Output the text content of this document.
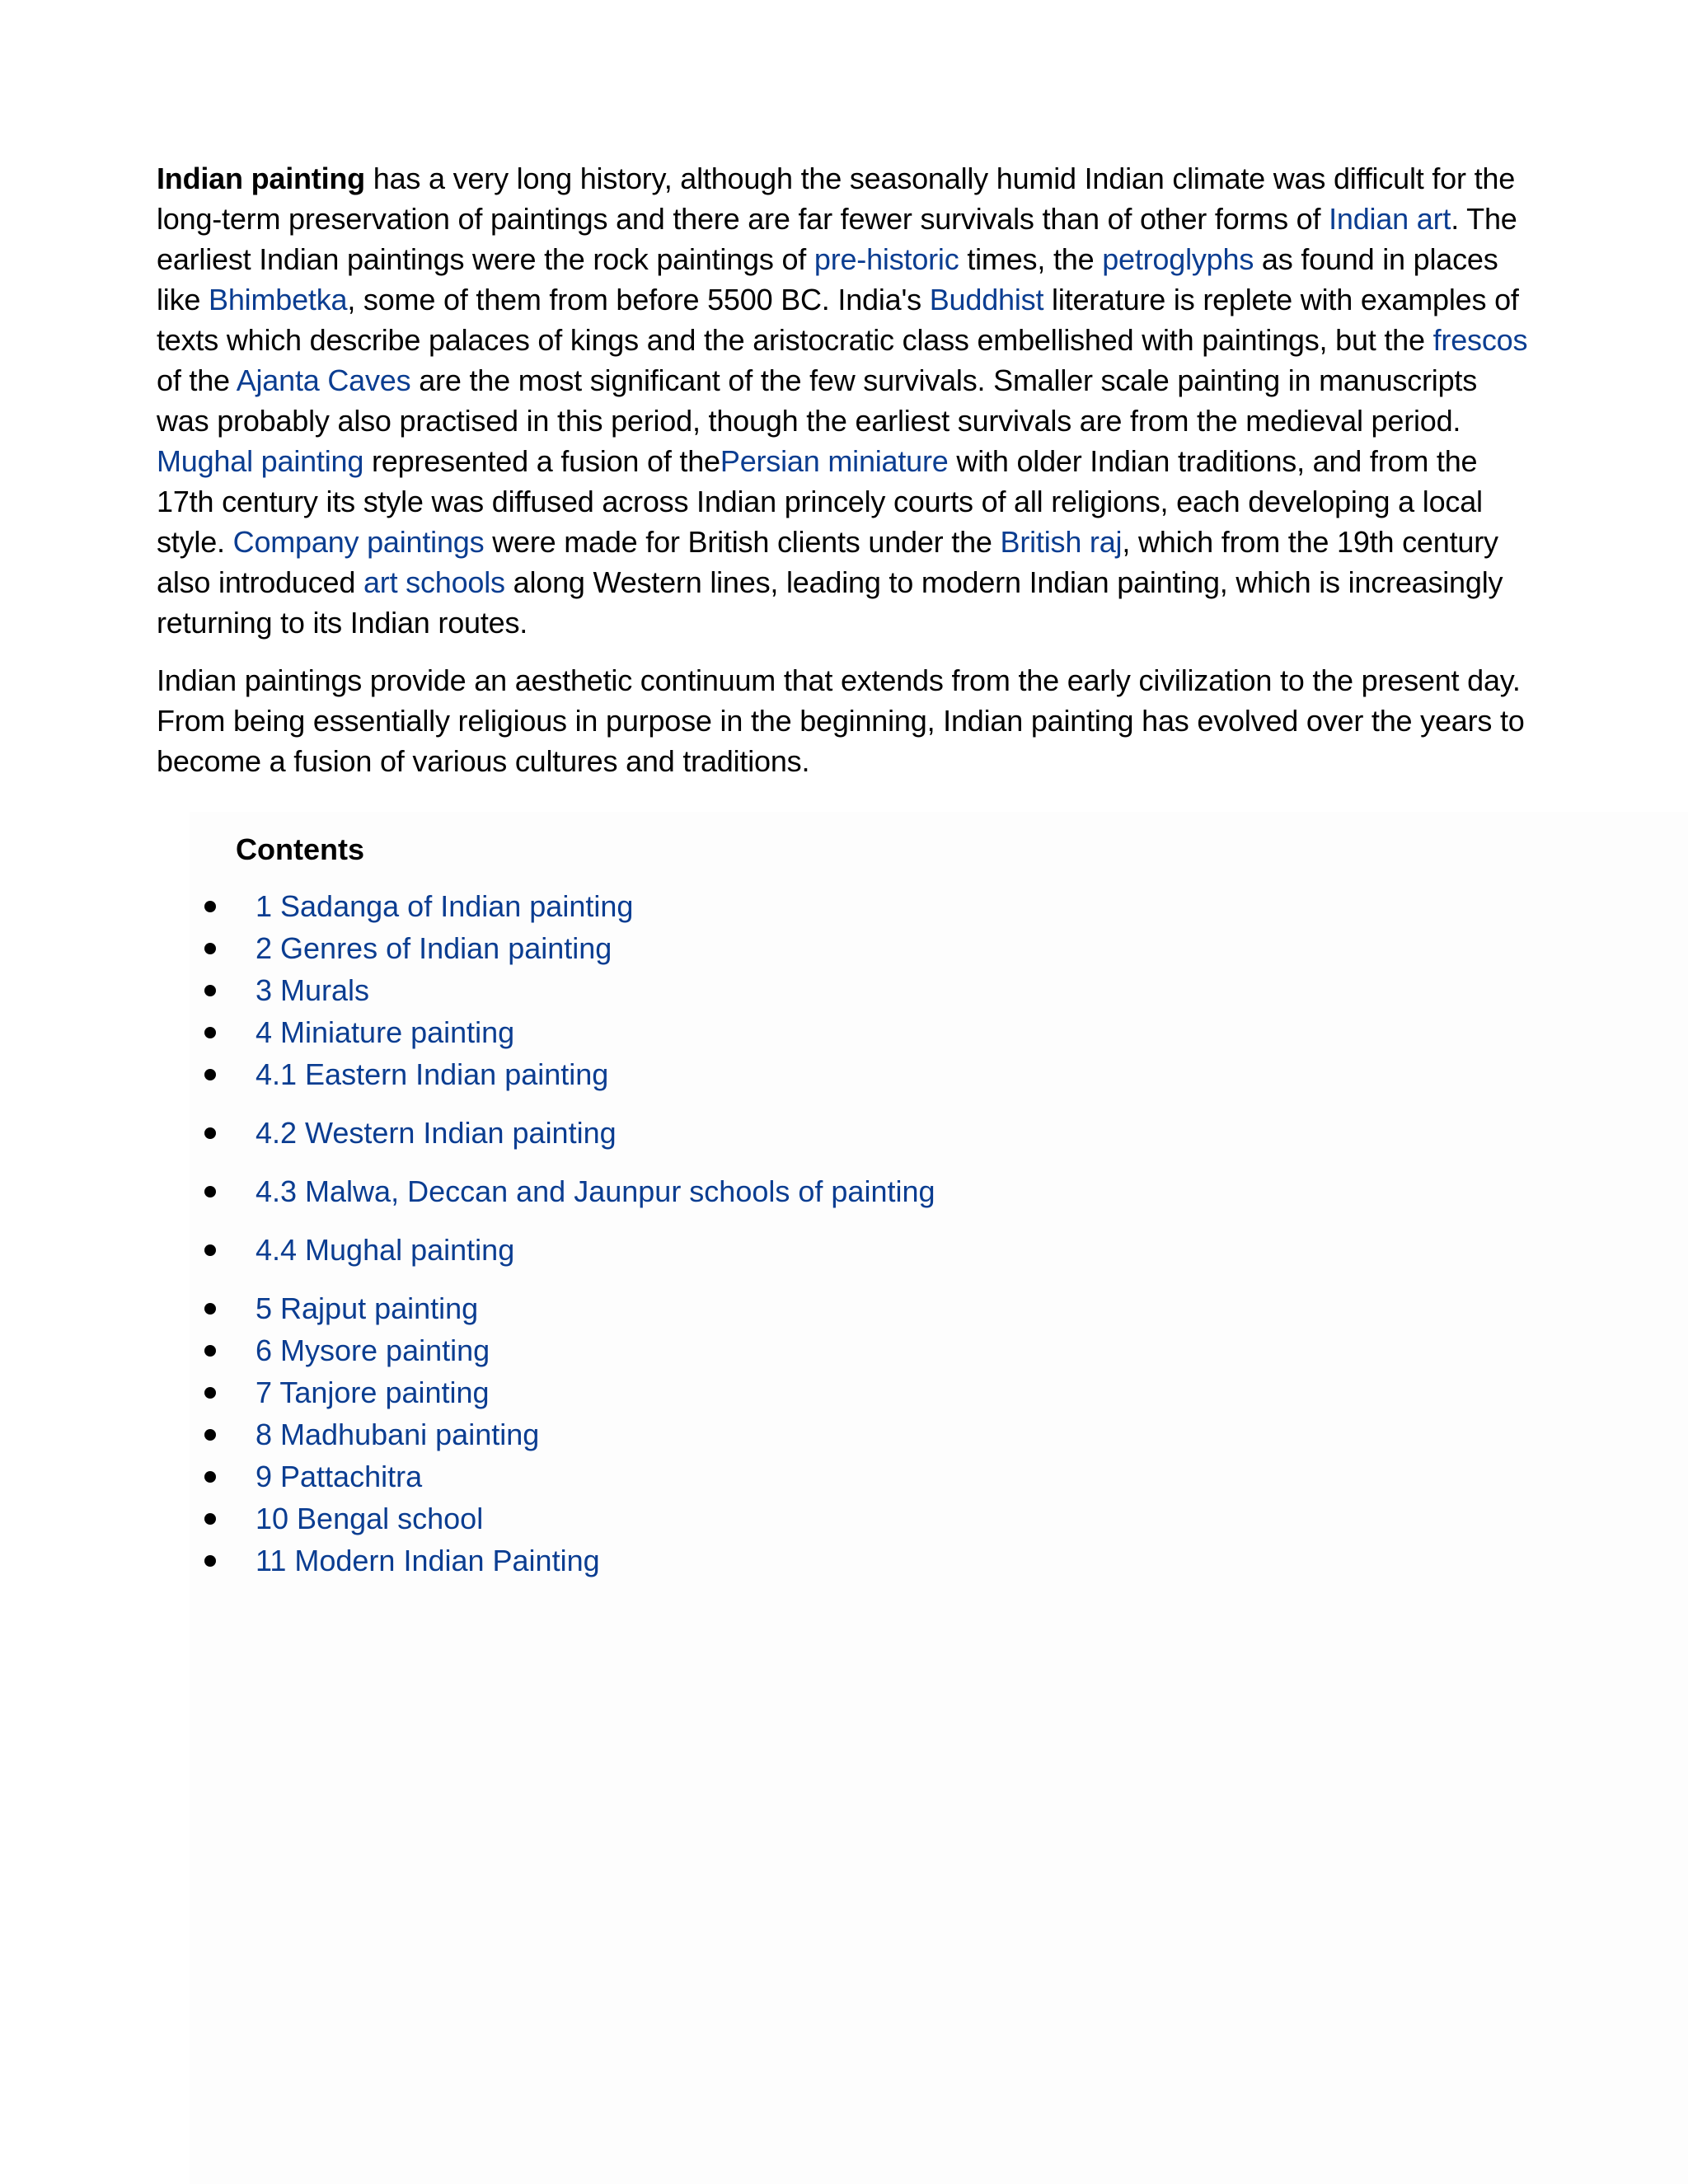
Indian painting has a very long history, although the seasonally humid Indian climate was difficult for the long-term preservation of paintings and there are far fewer survivals than of other forms of Indian art. The earliest Indian paintings were the rock paintings of pre-historic times, the petroglyphs as found in places like Bhimbetka, some of them from before 5500 BC. India's Buddhist literature is replete with examples of texts which describe palaces of kings and the aristocratic class embellished with paintings, but the frescos of the Ajanta Caves are the most significant of the few survivals. Smaller scale painting in manuscripts was probably also practised in this period, though the earliest survivals are from the medieval period. Mughal painting represented a fusion of thePersian miniature with older Indian traditions, and from the 17th century its style was diffused across Indian princely courts of all religions, each developing a local style. Company paintings were made for British clients under the British raj, which from the 19th century also introduced art schools along Western lines, leading to modern Indian painting, which is increasingly returning to its Indian routes.

Indian paintings provide an aesthetic continuum that extends from the early civilization to the present day. From being essentially religious in purpose in the beginning, Indian painting has evolved over the years to become a fusion of various cultures and traditions.

Contents
1 Sadanga of Indian painting
2 Genres of Indian painting
3 Murals
4 Miniature painting
4.1 Eastern Indian painting
4.2 Western Indian painting
4.3 Malwa, Deccan and Jaunpur schools of painting
4.4 Mughal painting
5 Rajput painting
6 Mysore painting
7 Tanjore painting
8 Madhubani painting
9 Pattachitra
10 Bengal school
11 Modern Indian Painting
